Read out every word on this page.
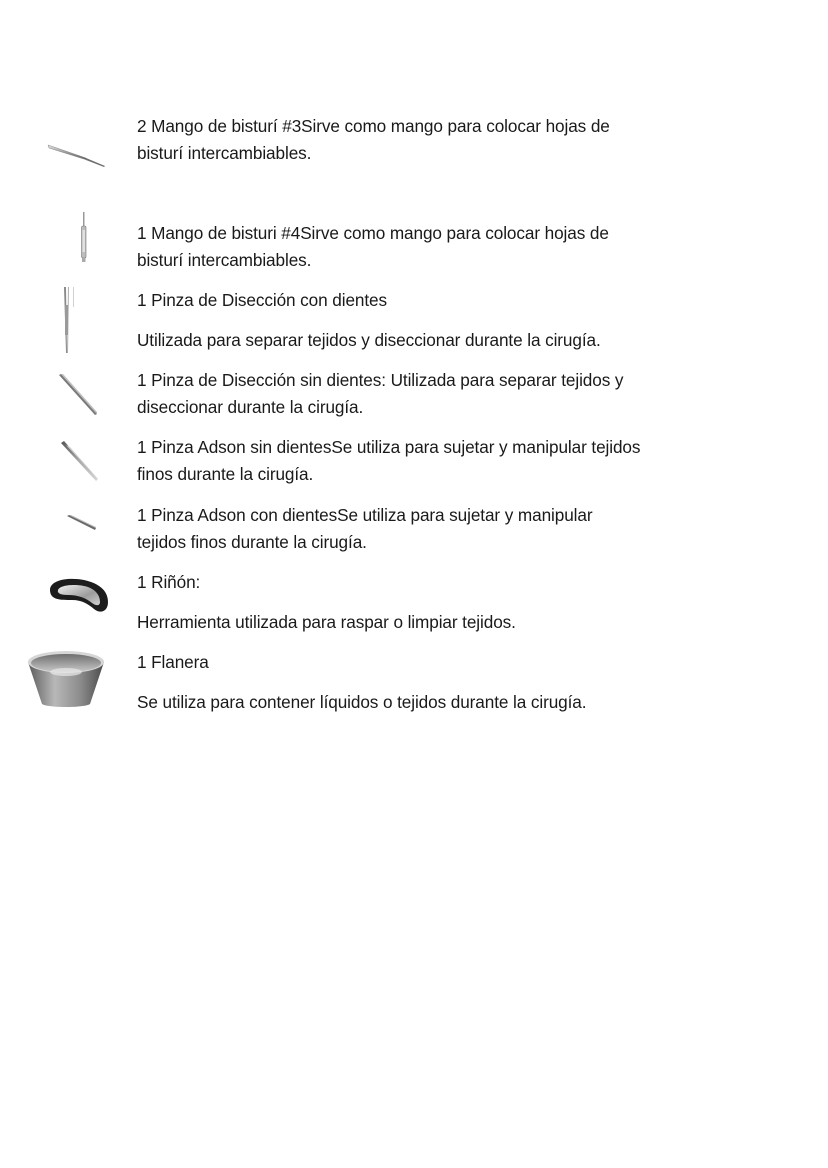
2 Mango de bisturí #3Sirve como mango para colocar hojas de
bisturí intercambiables.
1 Mango de bisturi #4Sirve como mango para colocar hojas de
bisturí intercambiables.
1 Pinza de Disección con dientes
Utilizada para separar tejidos y diseccionar durante la cirugía.
1 Pinza de Disección sin dientes: Utilizada para separar tejidos y
diseccionar durante la cirugía.
1 Pinza Adson sin dientesSe utiliza para sujetar y manipular tejidos
finos durante la cirugía.
1 Pinza Adson con dientesSe utiliza para sujetar y manipular
tejidos finos durante la cirugía.
1 Riñón:
Herramienta utilizada para raspar o limpiar tejidos.
1 Flanera
Se utiliza para contener líquidos o tejidos durante la cirugía.
